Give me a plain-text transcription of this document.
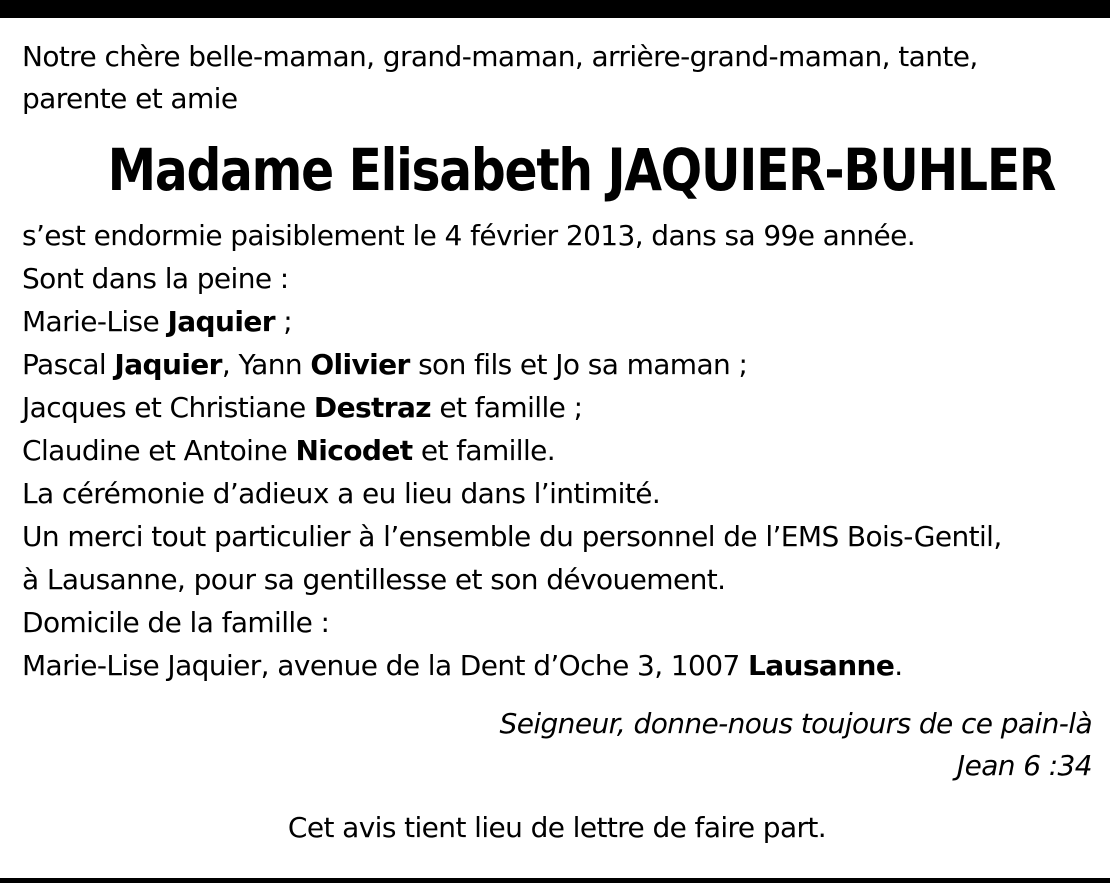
Notre chère belle-maman, grand-maman, arrière-grand-maman, tante,
parente et amie
Madame Elisabeth JAQUIER-BUHLER
s’est endormie paisiblement le 4 février 2013, dans sa 99e année.
Sont dans la peine :
Marie-Lise Jaquier ;
Pascal Jaquier, Yann Olivier son fils et Jo sa maman ;
Jacques et Christiane Destraz et famille ;
Claudine et Antoine Nicodet et famille.
La cérémonie d’adieux a eu lieu dans l’intimité.
Un merci tout particulier à l’ensemble du personnel de l’EMS Bois-Gentil,
à Lausanne, pour sa gentillesse et son dévouement.
Domicile de la famille :
Marie-Lise Jaquier, avenue de la Dent d’Oche 3, 1007 Lausanne.
Seigneur, donne-nous toujours de ce pain-là
Jean 6 :34
Cet avis tient lieu de lettre de faire part.
